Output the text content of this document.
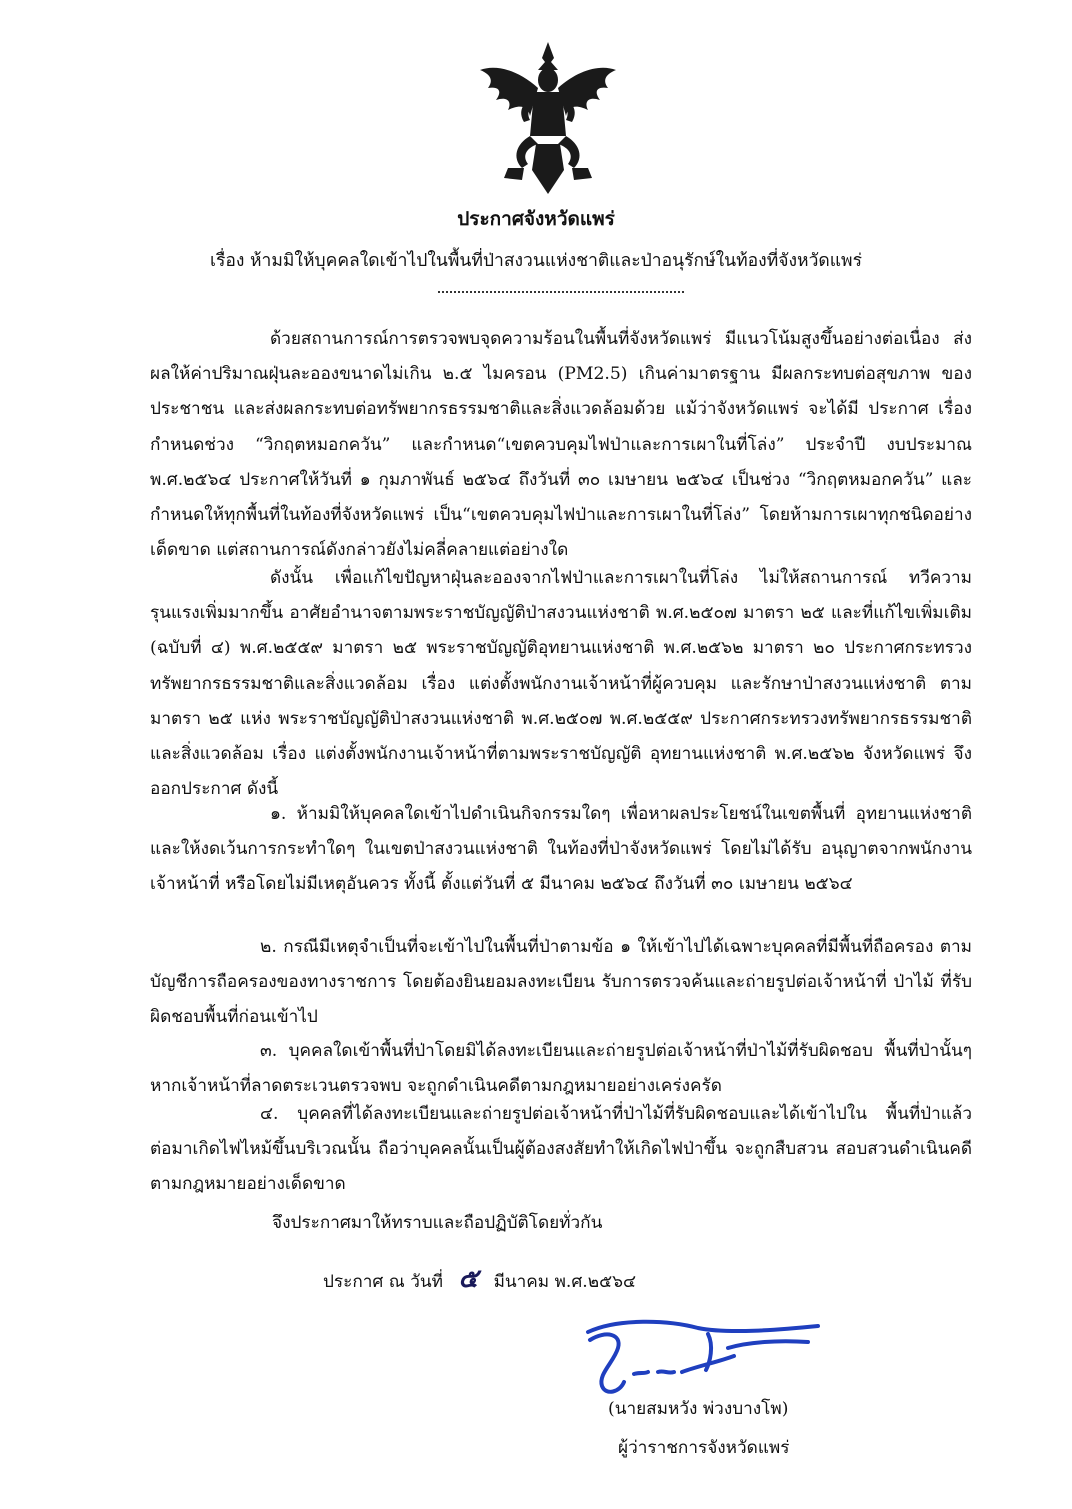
ประกาศจังหวัดแพร่
เรื่อง ห้ามมิให้บุคคลใดเข้าไปในพื้นที่ป่าสงวนแห่งชาติและป่าอนุรักษ์ในท้องที่จังหวัดแพร่
ด้วยสถานการณ์การตรวจพบจุดความร้อนในพื้นที่จังหวัดแพร่ มีแนวโน้มสูงขึ้นอย่างต่อเนื่อง ส่งผลให้ค่าปริมาณฝุ่นละอองขนาดไม่เกิน ๒.๕ ไมครอน (PM2.5) เกินค่ามาตรฐาน มีผลกระทบต่อสุขภาพ ของประชาชน และส่งผลกระทบต่อทรัพยากรธรรมชาติและสิ่งแวดล้อมด้วย แม้ว่าจังหวัดแพร่ จะได้มี ประกาศ เรื่อง กำหนดช่วง “วิกฤตหมอกควัน” และกำหนด“เขตควบคุมไฟป่าและการเผาในที่โล่ง” ประจำปี งบประมาณ พ.ศ.๒๕๖๔ ประกาศให้วันที่ ๑ กุมภาพันธ์ ๒๕๖๔ ถึงวันที่ ๓๐ เมษายน ๒๕๖๔ เป็นช่วง “วิกฤตหมอกควัน” และกำหนดให้ทุกพื้นที่ในท้องที่จังหวัดแพร่ เป็น“เขตควบคุมไฟป่าและการเผาในที่โล่ง” โดยห้ามการเผาทุกชนิดอย่างเด็ดขาด แต่สถานการณ์ดังกล่าวยังไม่คลี่คลายแต่อย่างใด
ดังนั้น เพื่อแก้ไขปัญหาฝุ่นละอองจากไฟป่าและการเผาในที่โล่ง ไม่ให้สถานการณ์ ทวีความรุนแรงเพิ่มมากขึ้น อาศัยอำนาจตามพระราชบัญญัติป่าสงวนแห่งชาติ พ.ศ.๒๕๐๗ มาตรา ๒๕ และที่แก้ไขเพิ่มเติม (ฉบับที่ ๔) พ.ศ.๒๕๕๙ มาตรา ๒๕ พระราชบัญญัติอุทยานแห่งชาติ พ.ศ.๒๕๖๒ มาตรา ๒๐ ประกาศกระทรวงทรัพยากรธรรมชาติและสิ่งแวดล้อม เรื่อง แต่งตั้งพนักงานเจ้าหน้าที่ผู้ควบคุม และรักษาป่าสงวนแห่งชาติ ตามมาตรา ๒๕ แห่ง พระราชบัญญัติป่าสงวนแห่งชาติ พ.ศ.๒๕๐๗ พ.ศ.๒๕๕๙ ประกาศกระทรวงทรัพยากรธรรมชาติและสิ่งแวดล้อม เรื่อง แต่งตั้งพนักงานเจ้าหน้าที่ตามพระราชบัญญัติ อุทยานแห่งชาติ พ.ศ.๒๕๖๒ จังหวัดแพร่ จึงออกประกาศ ดังนี้
๑. ห้ามมิให้บุคคลใดเข้าไปดำเนินกิจกรรมใดๆ เพื่อหาผลประโยชน์ในเขตพื้นที่ อุทยานแห่งชาติ และให้งดเว้นการกระทำใดๆ ในเขตป่าสงวนแห่งชาติ ในท้องที่ป่าจังหวัดแพร่ โดยไม่ได้รับ อนุญาตจากพนักงานเจ้าหน้าที่ หรือโดยไม่มีเหตุอันควร ทั้งนี้ ตั้งแต่วันที่ ๕ มีนาคม ๒๕๖๔ ถึงวันที่ ๓๐ เมษายน ๒๕๖๔
๒. กรณีมีเหตุจำเป็นที่จะเข้าไปในพื้นที่ป่าตามข้อ ๑ ให้เข้าไปได้เฉพาะบุคคลที่มีพื้นที่ถือครอง ตามบัญชีการถือครองของทางราชการ โดยต้องยินยอมลงทะเบียน รับการตรวจค้นและถ่ายรูปต่อเจ้าหน้าที่ ป่าไม้ ที่รับผิดชอบพื้นที่ก่อนเข้าไป
๓. บุคคลใดเข้าพื้นที่ป่าโดยมิได้ลงทะเบียนและถ่ายรูปต่อเจ้าหน้าที่ป่าไม้ที่รับผิดชอบ พื้นที่ป่านั้นๆ หากเจ้าหน้าที่ลาดตระเวนตรวจพบ จะถูกดำเนินคดีตามกฎหมายอย่างเคร่งครัด
๔. บุคคลที่ได้ลงทะเบียนและถ่ายรูปต่อเจ้าหน้าที่ป่าไม้ที่รับผิดชอบและได้เข้าไปใน พื้นที่ป่าแล้ว ต่อมาเกิดไฟไหม้ขึ้นบริเวณนั้น ถือว่าบุคคลนั้นเป็นผู้ต้องสงสัยทำให้เกิดไฟป่าขึ้น จะถูกสืบสวน สอบสวนดำเนินคดีตามกฎหมายอย่างเด็ดขาด
จึงประกาศมาให้ทราบและถือปฏิบัติโดยทั่วกัน
ประกาศ ณ วันที่ ๕ มีนาคม พ.ศ.๒๕๖๔
(นายสมหวัง พ่วงบางโพ)
ผู้ว่าราชการจังหวัดแพร่
